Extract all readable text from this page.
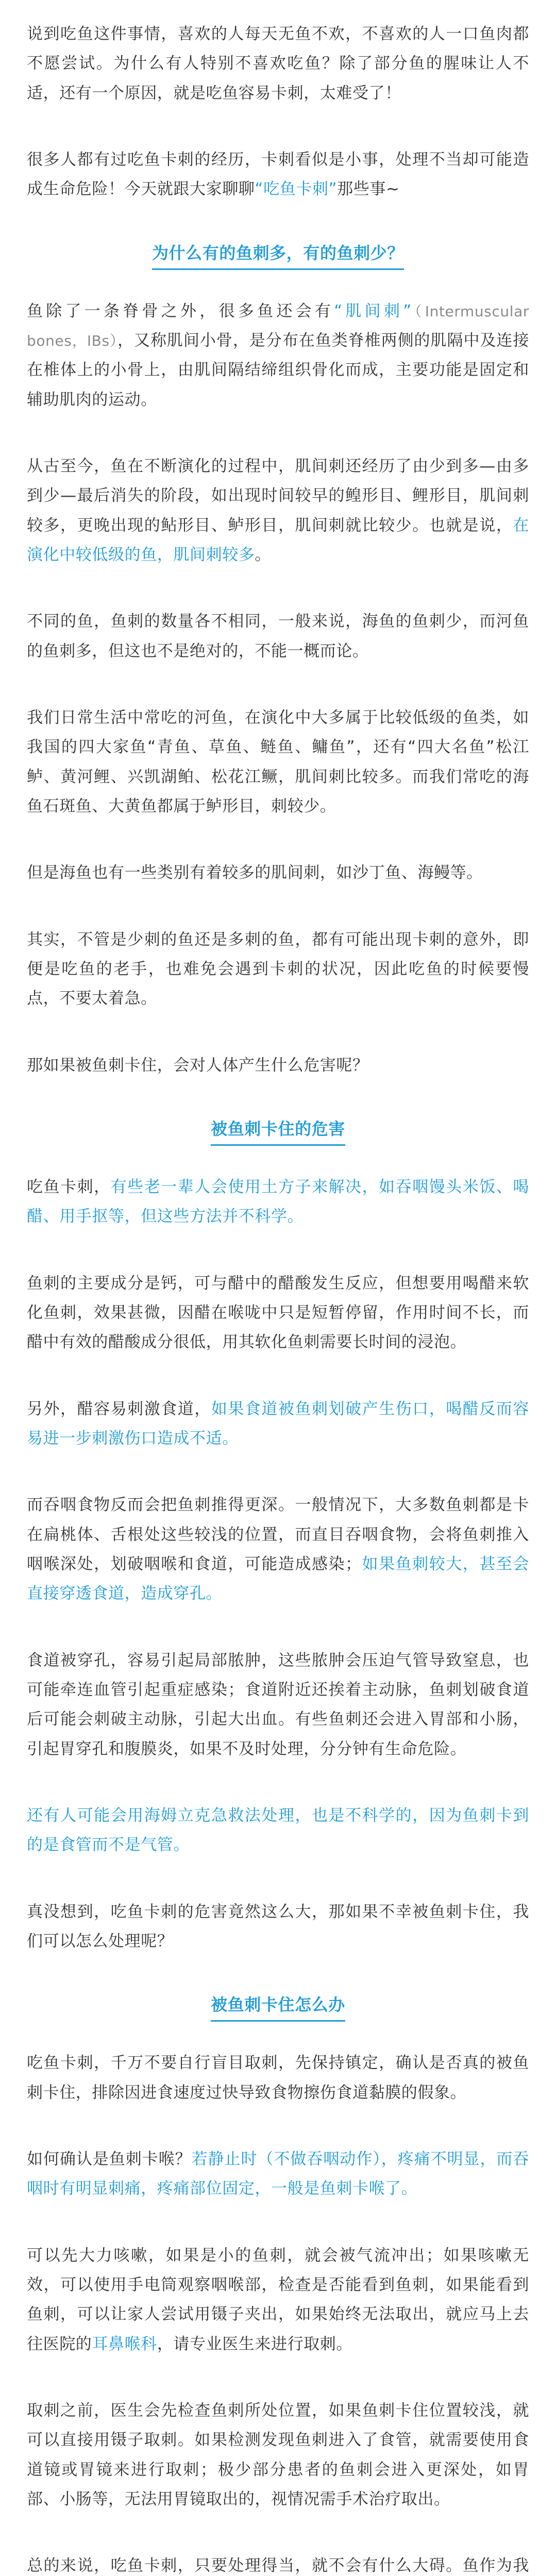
说到吃鱼这件事情，喜欢的人每天无鱼不欢，不喜欢的人一口鱼肉都不愿尝试。为什么有人特别不喜欢吃鱼？除了部分鱼的腥味让人不适，还有一个原因，就是吃鱼容易卡刺，太难受了！

很多人都有过吃鱼卡刺的经历，卡刺看似是小事，处理不当却可能造成生命危险！今天就跟大家聊聊“吃鱼卡刺”那些事~

为什么有的鱼刺多，有的鱼刺少？

鱼除了一条脊骨之外，很多鱼还会有“肌间刺”（Intermuscular bones，IBs），又称肌间小骨，是分布在鱼类脊椎两侧的肌隔中及连接在椎体上的小骨上，由肌间隔结缔组织骨化而成，主要功能是固定和辅助肌肉的运动。

从古至今，鱼在不断演化的过程中，肌间刺还经历了由少到多—由多到少—最后消失的阶段，如出现时间较早的鳇形目、鲤形目，肌间刺较多，更晚出现的鲇形目、鲈形目，肌间刺就比较少。也就是说，在演化中较低级的鱼，肌间刺较多。

不同的鱼，鱼刺的数量各不相同，一般来说，海鱼的鱼刺少，而河鱼的鱼刺多，但这也不是绝对的，不能一概而论。

我们日常生活中常吃的河鱼，在演化中大多属于比较低级的鱼类，如我国的四大家鱼“青鱼、草鱼、鲢鱼、鳙鱼”，还有“四大名鱼”松江鲈、黄河鲤、兴凯湖鲌、松花江鳜，肌间刺比较多。而我们常吃的海鱼石斑鱼、大黄鱼都属于鲈形目，刺较少。

但是海鱼也有一些类别有着较多的肌间刺，如沙丁鱼、海鳗等。

其实，不管是少刺的鱼还是多刺的鱼，都有可能出现卡刺的意外，即便是吃鱼的老手，也难免会遇到卡刺的状况，因此吃鱼的时候要慢点，不要太着急。

那如果被鱼刺卡住，会对人体产生什么危害呢？

被鱼刺卡住的危害

吃鱼卡刺，有些老一辈人会使用土方子来解决，如吞咽馒头米饭、喝醋、用手抠等，但这些方法并不科学。

鱼刺的主要成分是钙，可与醋中的醋酸发生反应，但想要用喝醋来软化鱼刺，效果甚微，因醋在喉咙中只是短暂停留，作用时间不长，而醋中有效的醋酸成分很低，用其软化鱼刺需要长时间的浸泡。

另外，醋容易刺激食道，如果食道被鱼刺划破产生伤口，喝醋反而容易进一步刺激伤口造成不适。

而吞咽食物反而会把鱼刺推得更深。一般情况下，大多数鱼刺都是卡在扁桃体、舌根处这些较浅的位置，而直目吞咽食物，会将鱼刺推入咽喉深处，划破咽喉和食道，可能造成感染；如果鱼刺较大，甚至会直接穿透食道，造成穿孔。

食道被穿孔，容易引起局部脓肿，这些脓肿会压迫气管导致窒息，也可能牵连血管引起重症感染；食道附近还挨着主动脉，鱼刺划破食道后可能会刺破主动脉，引起大出血。有些鱼刺还会进入胃部和小肠，引起胃穿孔和腹膜炎，如果不及时处理，分分钟有生命危险。

还有人可能会用海姆立克急救法处理，也是不科学的，因为鱼刺卡到的是食管而不是气管。

真没想到，吃鱼卡刺的危害竟然这么大，那如果不幸被鱼刺卡住，我们可以怎么处理呢？

被鱼刺卡住怎么办

吃鱼卡刺，千万不要自行盲目取刺，先保持镇定，确认是否真的被鱼刺卡住，排除因进食速度过快导致食物擦伤食道黏膜的假象。

如何确认是鱼刺卡喉？若静止时（不做吞咽动作），疼痛不明显，而吞咽时有明显刺痛，疼痛部位固定，一般是鱼刺卡喉了。

可以先大力咳嗽，如果是小的鱼刺，就会被气流冲出；如果咳嗽无效，可以使用手电筒观察咽喉部，检查是否能看到鱼刺，如果能看到鱼刺，可以让家人尝试用镊子夹出，如果始终无法取出，就应马上去往医院的耳鼻喉科，请专业医生来进行取刺。

取刺之前，医生会先检查鱼刺所处位置，如果鱼刺卡住位置较浅，就可以直接用镊子取刺。如果检测发现鱼刺进入了食管，就需要使用食道镜或胃镜来进行取刺；极少部分患者的鱼刺会进入更深处，如胃部、小肠等，无法用胃镜取出的，视情况需手术治疗取出。

总的来说，吃鱼卡刺，只要处理得当，就不会有什么大碍。鱼作为我
